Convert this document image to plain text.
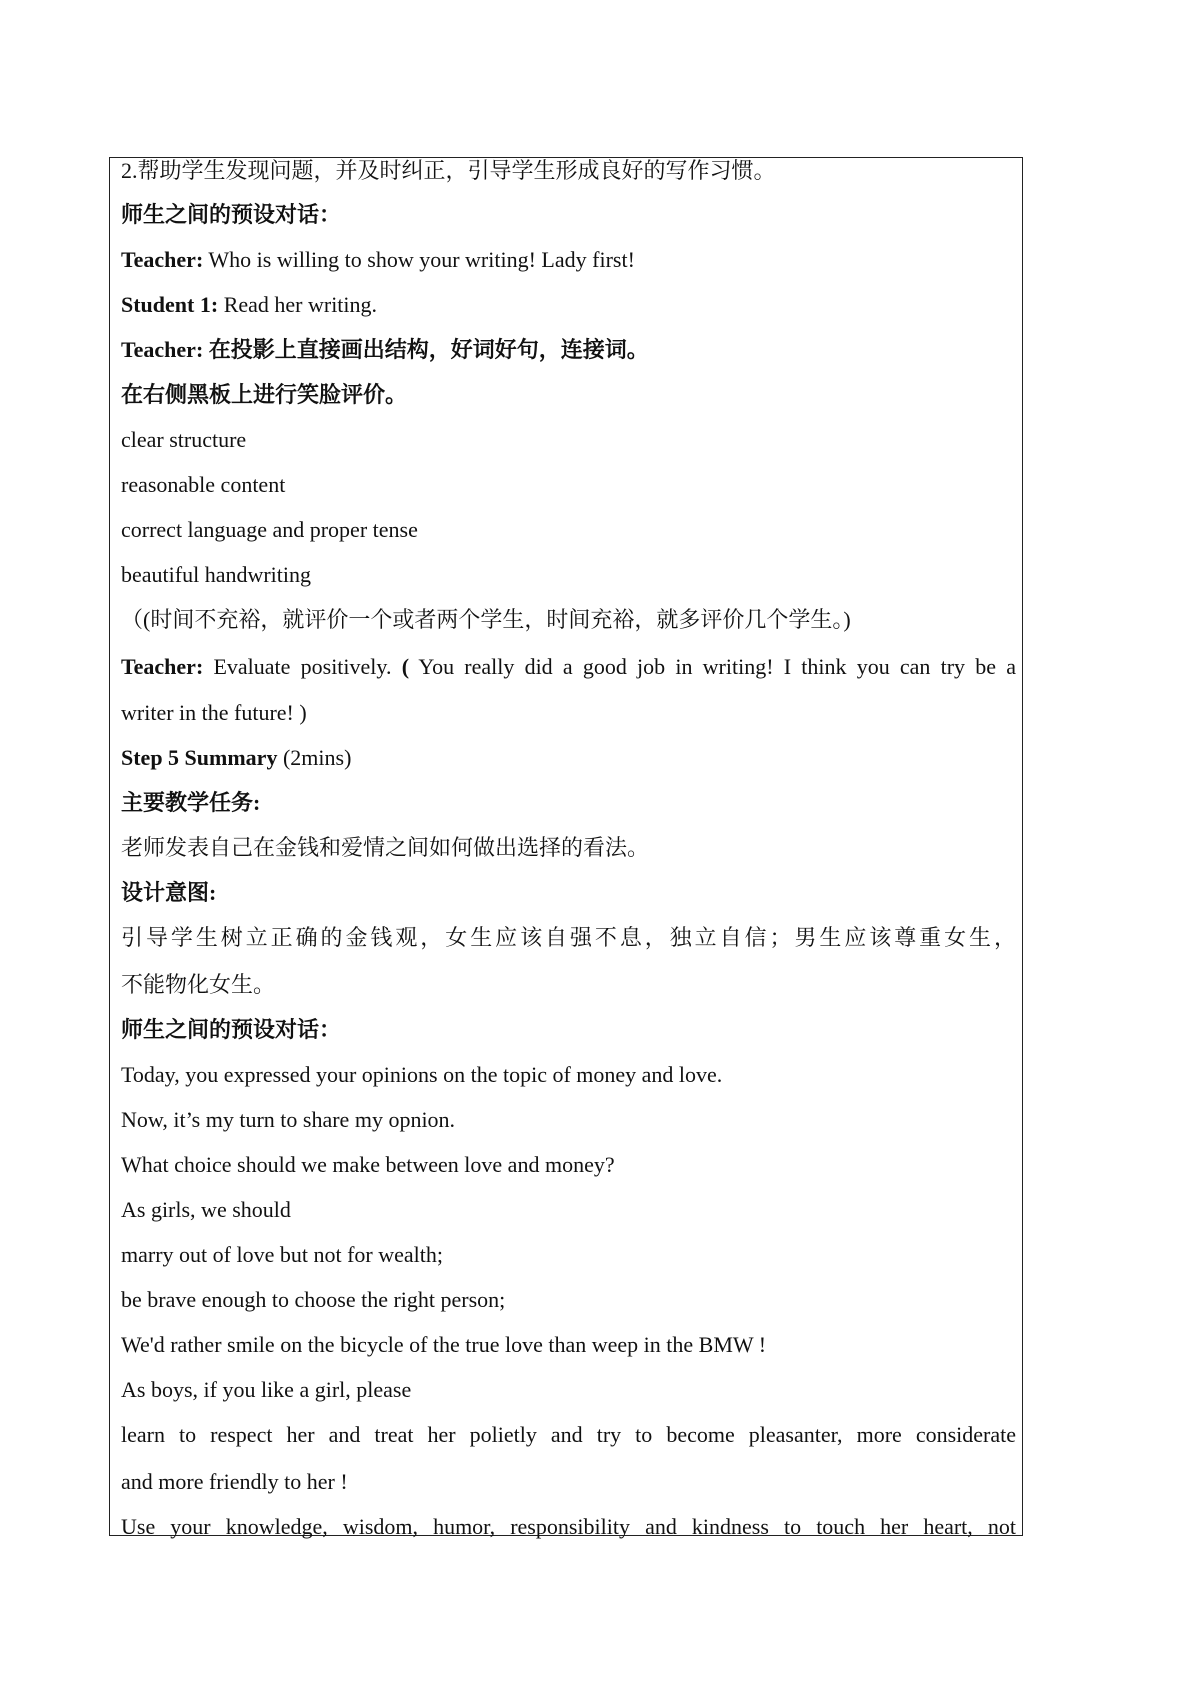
2.帮助学生发现问题，并及时纠正，引导学生形成良好的写作习惯。

师生之间的预设对话：

Teacher: Who is willing to show your writing! Lady first!

Student 1: Read her writing.

Teacher: 在投影上直接画出结构，好词好句，连接词。

在右侧黑板上进行笑脸评价。

clear structure

reasonable content

correct language and proper tense

beautiful handwriting

（(时间不充裕，就评价一个或者两个学生，时间充裕，就多评价几个学生。)

Teacher: Evaluate positively. ( You really did a good job in writing! I think you can try be a

writer in the future! )

Step 5 Summary (2mins)

主要教学任务:

老师发表自己在金钱和爱情之间如何做出选择的看法。

设计意图:

引导学生树立正确的金钱观，女生应该自强不息，独立自信；男生应该尊重女生，

不能物化女生。

师生之间的预设对话：

Today, you expressed your opinions on the topic of money and love.

Now, it’s my turn to share my opnion.

What choice should we make between love and money?

As girls, we should

marry out of love but not for wealth;

be brave enough to choose the right person;

We'd rather smile on the bicycle of the true love than weep in the BMW !

As boys, if you like a girl, please

learn to respect her and treat her polietly and try to become pleasanter, more considerate

and more friendly to her !

Use your knowledge, wisdom, humor, responsibility and kindness to touch her heart, not
